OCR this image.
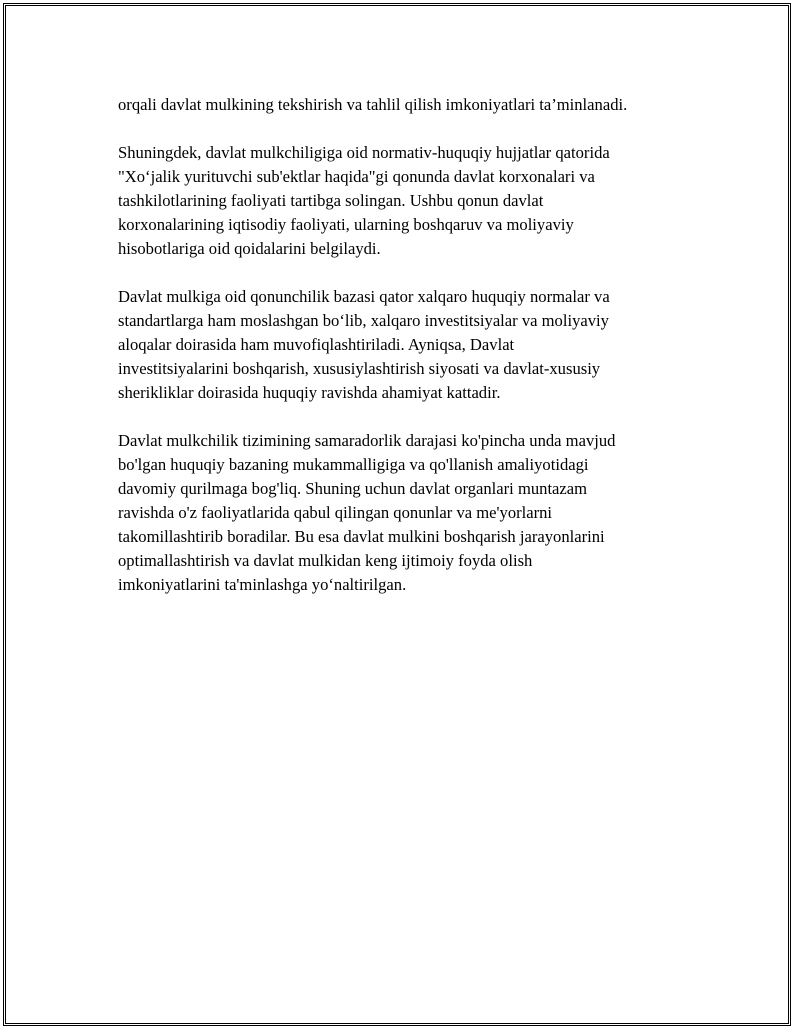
orqali davlat mulkining tekshirish va tahlil qilish imkoniyatlari ta’minlanadi.

Shuningdek, davlat mulkchiligiga oid normativ-huquqiy hujjatlar qatorida
"Xo‘jalik yurituvchi sub'ektlar haqida"gi qonunda davlat korxonalari va
tashkilotlarining faoliyati tartibga solingan. Ushbu qonun davlat
korxonalarining iqtisodiy faoliyati, ularning boshqaruv va moliyaviy
hisobotlariga oid qoidalarini belgilaydi.

Davlat mulkiga oid qonunchilik bazasi qator xalqaro huquqiy normalar va
standartlarga ham moslashgan bo‘lib, xalqaro investitsiyalar va moliyaviy
aloqalar doirasida ham muvofiqlashtiriladi. Ayniqsa, Davlat
investitsiyalarini boshqarish, xususiylashtirish siyosati va davlat-xususiy
sherikliklar doirasida huquqiy ravishda ahamiyat kattadir.

Davlat mulkchilik tizimining samaradorlik darajasi ko'pincha unda mavjud
bo'lgan huquqiy bazaning mukammalligiga va qo'llanish amaliyotidagi
davomiy qurilmaga bog'liq. Shuning uchun davlat organlari muntazam
ravishda o'z faoliyatlarida qabul qilingan qonunlar va me'yorlarni
takomillashtirib boradilar. Bu esa davlat mulkini boshqarish jarayonlarini
optimallashtirish va davlat mulkidan keng ijtimoiy foyda olish
imkoniyatlarini ta'minlashga yo‘naltirilgan.
